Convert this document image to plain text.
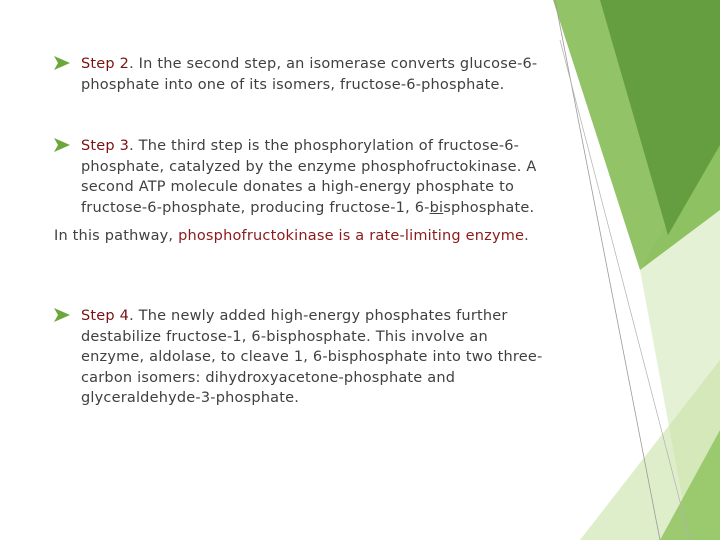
Step 2. In the second step, an isomerase converts glucose-6-
phosphate into one of its isomers, fructose-6-phosphate.
Step 3. The third step is the phosphorylation of fructose-6-
phosphate, catalyzed by the enzyme phosphofructokinase. A
second ATP molecule donates a high-energy phosphate to
fructose-6-phosphate, producing fructose-1, 6-bisphosphate.
In this pathway, phosphofructokinase is a rate-limiting enzyme.
Step 4. The newly added high-energy phosphates further
destabilize fructose-1, 6-bisphosphate. This involve an
enzyme, aldolase, to cleave 1, 6-bisphosphate into two three-
carbon isomers: dihydroxyacetone-phosphate and
glyceraldehyde-3-phosphate.
